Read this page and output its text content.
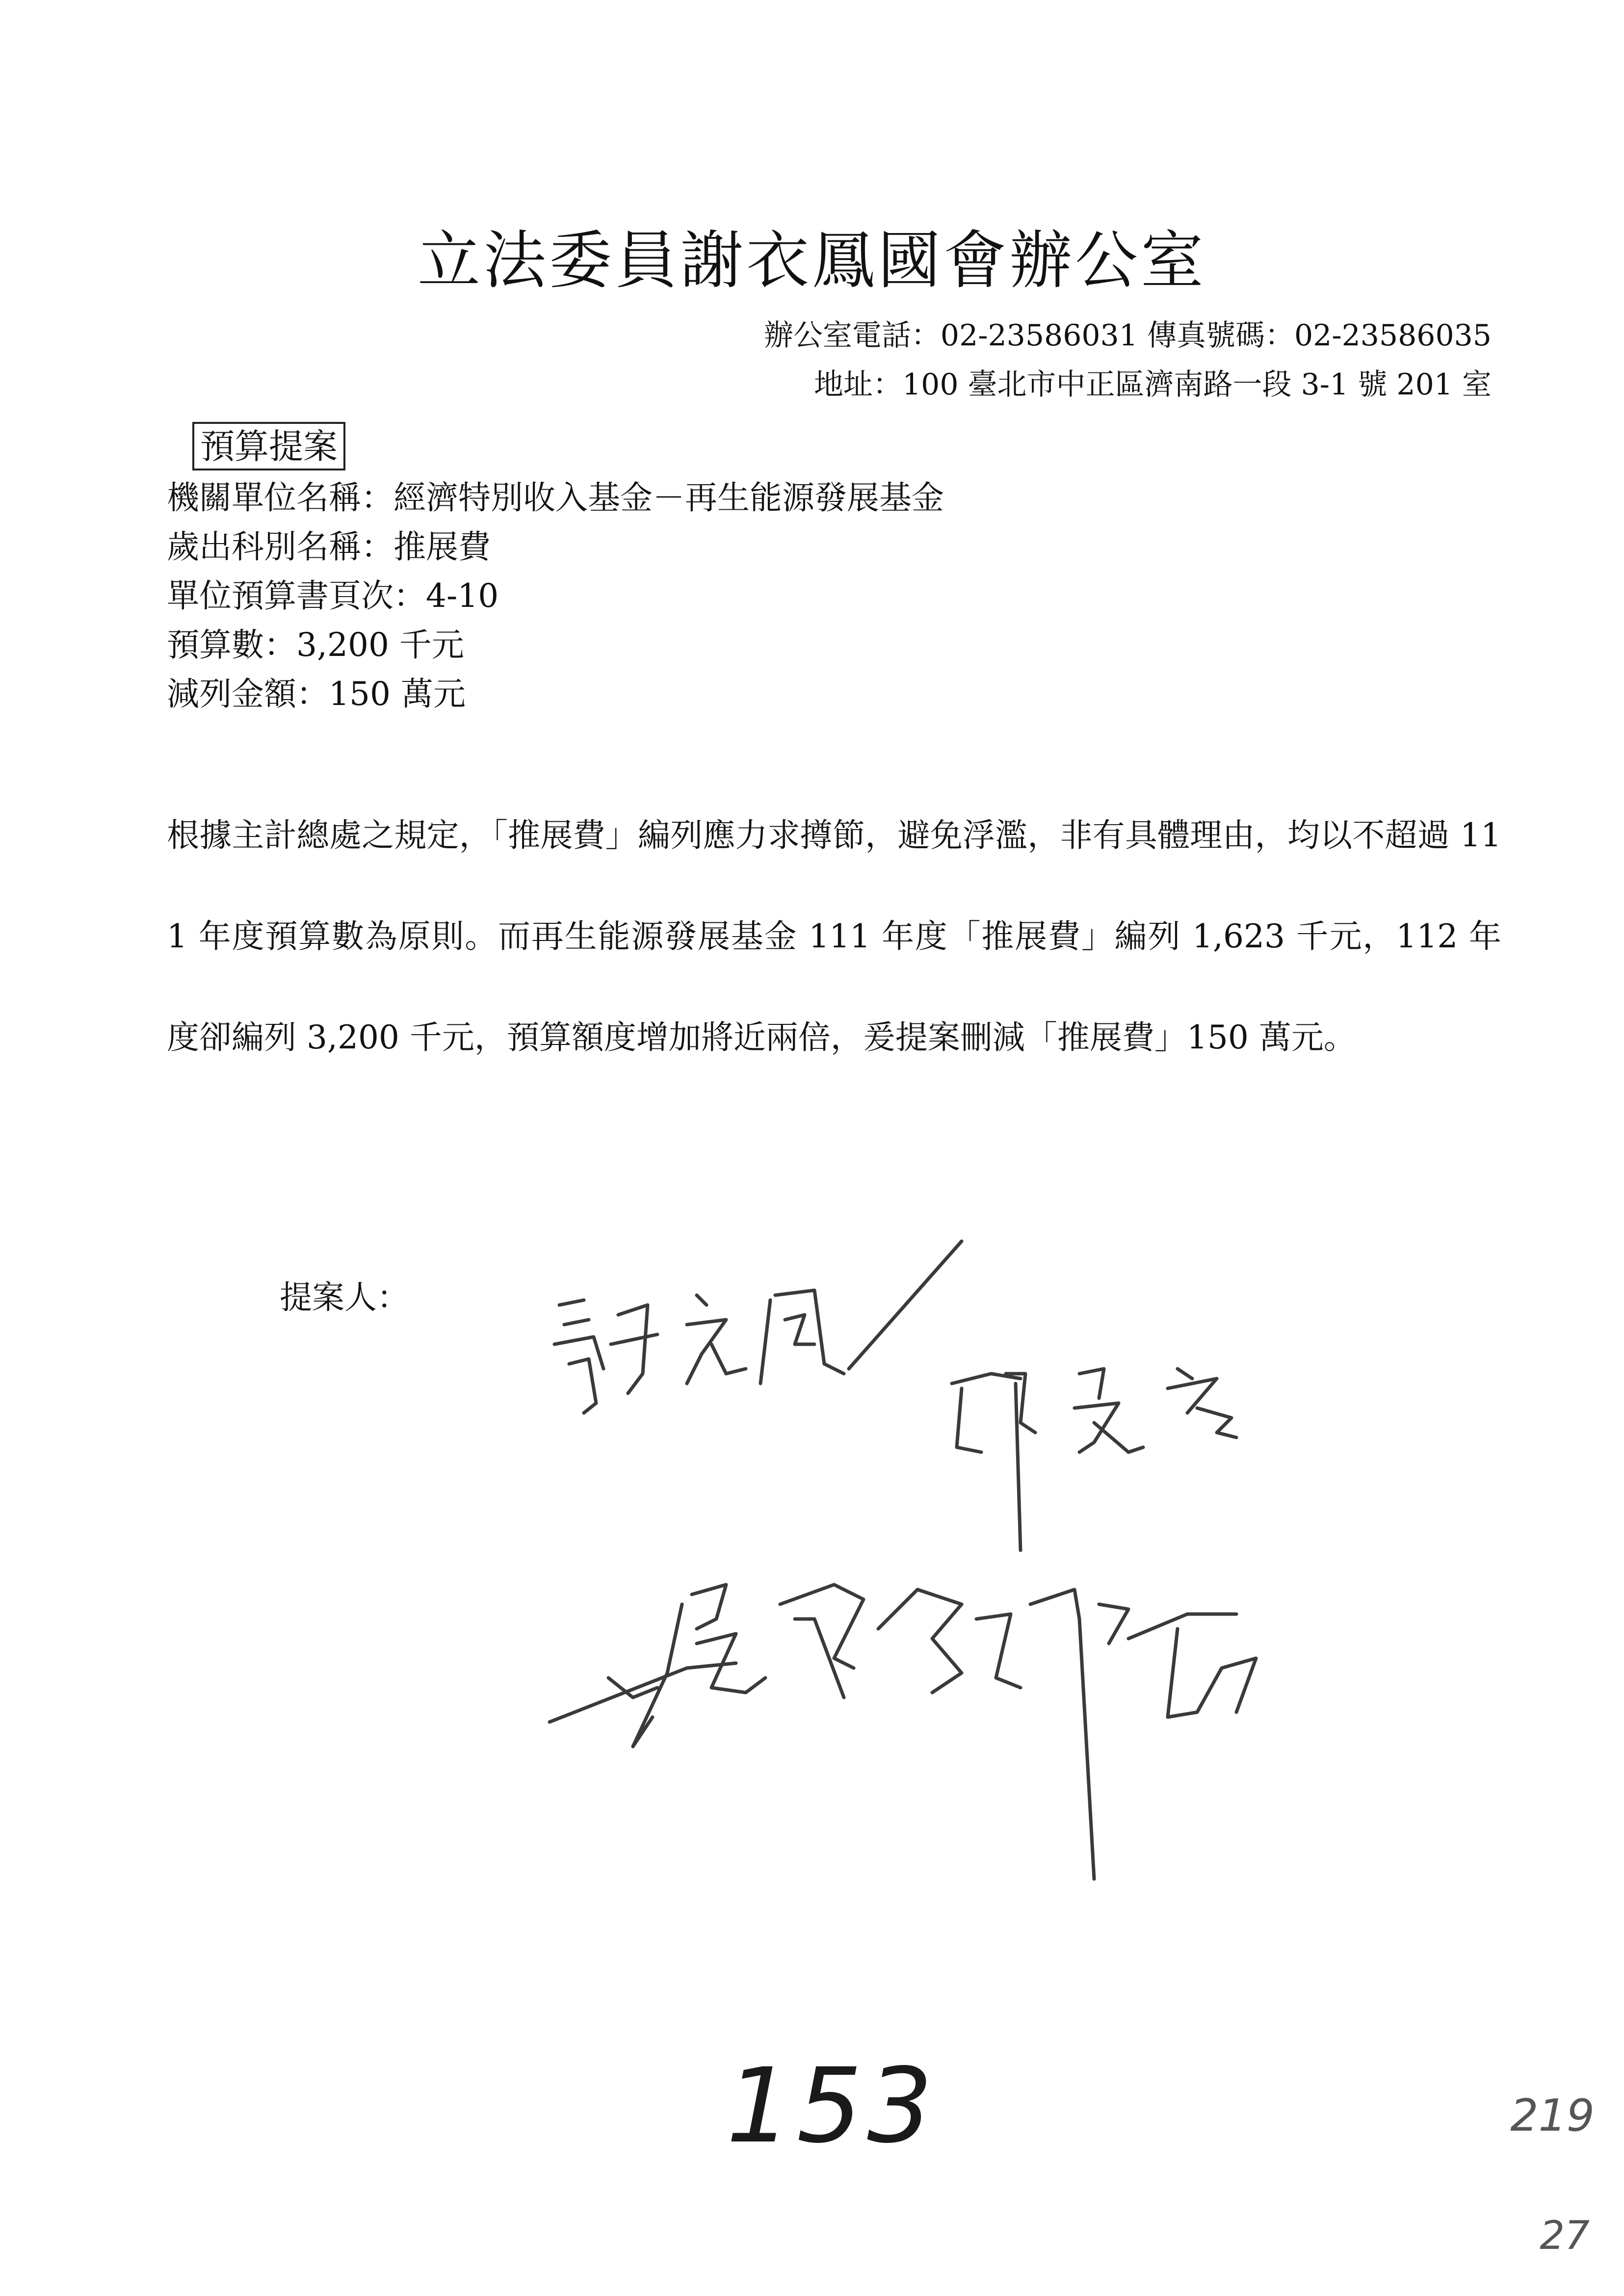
立法委員謝衣鳳國會辦公室
辦公室電話：02-23586031 傳真號碼：02-23586035
地址：100 臺北市中正區濟南路一段 3-1 號 201 室
預算提案
機關單位名稱：經濟特別收入基金－再生能源發展基金
歲出科別名稱：推展費
單位預算書頁次：4-10
預算數：3,200 千元
減列金額：150 萬元
根據主計總處之規定，「推展費」編列應力求撙節，避免浮濫，非有具體理由，均以不超過 111 年度預算數為原則。而再生能源發展基金 111 年度「推展費」編列 1,623 千元，112 年度卻編列 3,200 千元，預算額度增加將近兩倍，爰提案刪減「推展費」150 萬元。
提案人：
153	219
27
